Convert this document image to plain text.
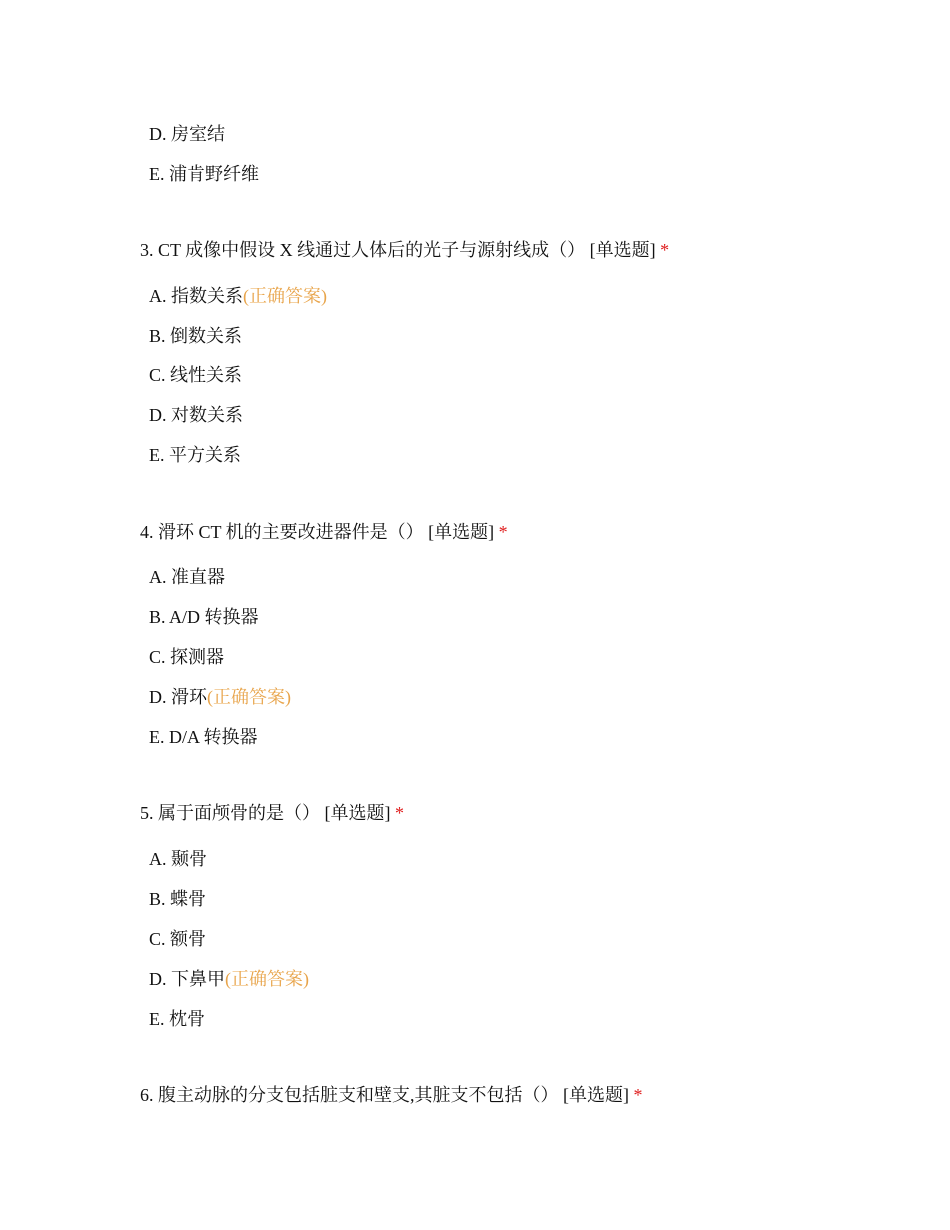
D. 房室结
E. 浦肯野纤维
3. CT 成像中假设 X 线通过人体后的光子与源射线成（） [单选题] *
A. 指数关系(正确答案)
B. 倒数关系
C. 线性关系
D. 对数关系
E. 平方关系
4. 滑环 CT 机的主要改进器件是（） [单选题] *
A. 准直器
B. A/D 转换器
C. 探测器
D. 滑环(正确答案)
E. D/A 转换器
5. 属于面颅骨的是（） [单选题] *
A. 颞骨
B. 蝶骨
C. 额骨
D. 下鼻甲(正确答案)
E. 枕骨
6. 腹主动脉的分支包括脏支和壁支,其脏支不包括（） [单选题] *
